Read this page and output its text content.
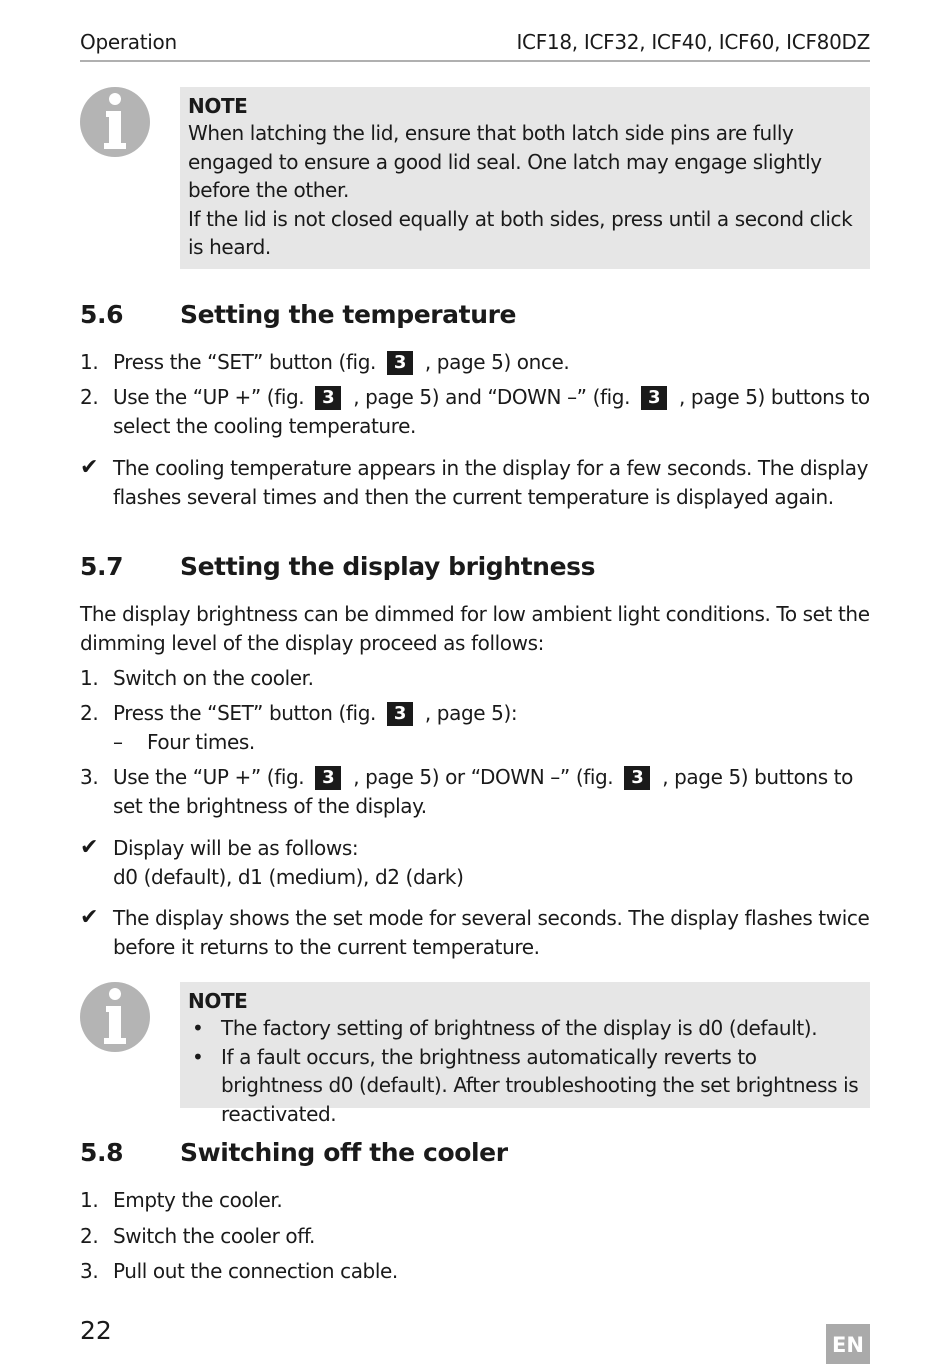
Operation	ICF18, ICF32, ICF40, ICF60, ICF80DZ
NOTE

When latching the lid, ensure that both latch side pins are fully engaged to ensure a good lid seal. One latch may engage slightly before the other.

If the lid is not closed equally at both sides, press until a second click is heard.

5.6 Setting the temperature
1. Press the “SET” button (fig. 3 , page 5) once.
2. Use the “UP +” (fig. 3 , page 5) and “DOWN –” (fig. 3 , page 5) buttons to select the cooling temperature.
✔ The cooling temperature appears in the display for a few seconds. The display flashes several times and then the current temperature is displayed again.
5.7 Setting the display brightness
The display brightness can be dimmed for low ambient light conditions. To set the dimming level of the display proceed as follows:
1. Switch on the cooler.
2. Press the “SET” button (fig. 3 , page 5):
– Four times.
3. Use the “UP +” (fig. 3 , page 5) or “DOWN –” (fig. 3 , page 5) buttons to set the brightness of the display.
✔ Display will be as follows:
d0 (default), d1 (medium), d2 (dark)
✔ The display shows the set mode for several seconds. The display flashes twice before it returns to the current temperature.
NOTE
• The factory setting of brightness of the display is d0 (default).
• If a fault occurs, the brightness automatically reverts to brightness d0 (default). After troubleshooting the set brightness is reactivated.
5.8 Switching off the cooler
1. Empty the cooler.
2. Switch the cooler off.
3. Pull out the connection cable.
22	EN
